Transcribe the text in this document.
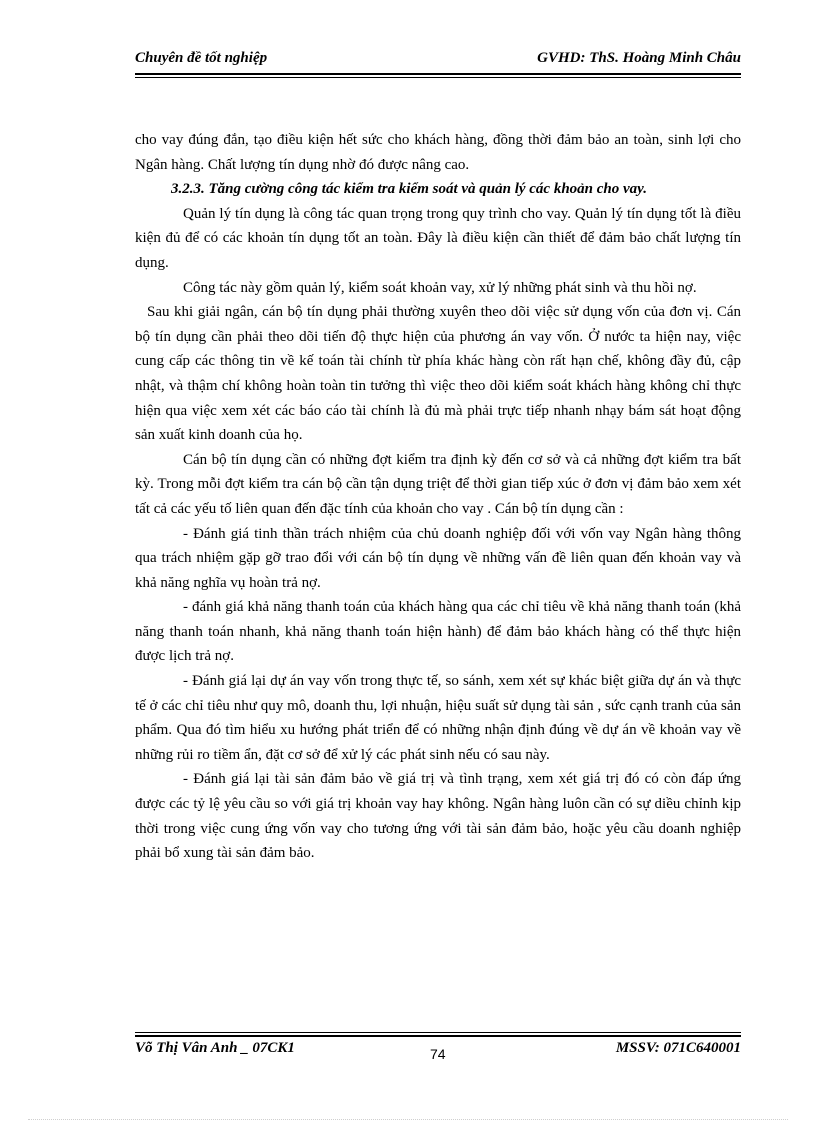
Chuyên đề tốt nghiệp	GVHD: ThS. Hoàng Minh Châu

cho vay đúng đắn, tạo điều kiện hết sức cho khách hàng, đồng thời đảm bảo an toàn, sinh lợi cho Ngân hàng. Chất lượng tín dụng nhờ đó được nâng cao.

3.2.3. Tăng cường công tác kiểm tra kiểm soát và quản lý các khoản cho vay.

Quản lý tín dụng là công tác quan trọng trong quy trình cho vay. Quản lý tín dụng tốt là điều kiện đủ để có các khoản tín dụng tốt an toàn. Đây là điều kiện cần thiết để đảm bảo chất lượng tín dụng.

Công tác này gồm quản lý, kiểm soát khoản vay, xử lý những phát sinh và thu hồi nợ.

Sau khi giải ngân, cán bộ tín dụng phải thường xuyên theo dõi việc sử dụng vốn của đơn vị. Cán bộ tín dụng cần phải theo dõi tiến độ thực hiện của phương án vay vốn. Ở nước ta hiện nay, việc cung cấp các thông tin về kế toán tài chính từ phía khác hàng còn rất hạn chế, không đầy đủ, cập nhật, và thậm chí không hoàn toàn tin tưởng thì việc theo dõi kiểm soát khách hàng không chỉ thực hiện qua việc xem xét các báo cáo tài chính là đủ mà phải trực tiếp nhanh nhạy bám sát hoạt động sản xuất kinh doanh của họ.

Cán bộ tín dụng cần có những đợt kiểm tra định kỳ đến cơ sở và cả những đợt kiểm tra bất kỳ. Trong mỗi đợt kiểm tra cán bộ cần tận dụng triệt để thời gian tiếp xúc ở đơn vị đảm bảo xem xét tất cả các yếu tố liên quan đến đặc tính của khoản cho vay . Cán bộ tín dụng cần :

- Đánh giá tinh thần trách nhiệm của chủ doanh nghiệp đối với vốn vay Ngân hàng thông qua trách nhiệm gặp gỡ trao đổi với cán bộ tín dụng về những vấn đề liên quan đến khoản vay và khả năng nghĩa vụ hoàn trả nợ.

- đánh giá khả năng thanh toán của khách hàng qua các chỉ tiêu về khả năng thanh toán (khả năng thanh toán nhanh, khả năng thanh toán hiện hành) để đảm bảo khách hàng có thể thực hiện được lịch trả nợ.

- Đánh giá lại dự án vay vốn trong thực tế, so sánh, xem xét sự khác biệt giữa dự án và thực tế ở các chỉ tiêu như quy mô, doanh thu, lợi nhuận, hiệu suất sử dụng tài sản , sức cạnh tranh của sản phẩm. Qua đó tìm hiểu xu hướng phát triển để có những nhận định đúng về dự án về khoản vay về những rủi ro tiềm ẩn, đặt cơ sở để xử lý các phát sinh nếu có sau này.

- Đánh giá lại tài sản đảm bảo về giá trị và tình trạng, xem xét giá trị đó có còn đáp ứng được các tỷ lệ yêu cầu so với giá trị khoản vay hay không. Ngân hàng luôn cần có sự diều chỉnh kịp thời trong việc cung ứng vốn vay cho tương ứng với tài sản đảm bảo, hoặc yêu cầu doanh nghiệp phải bổ xung tài sản đảm bảo.

Võ Thị Vân Anh _ 07CK1	74	MSSV: 071C640001
